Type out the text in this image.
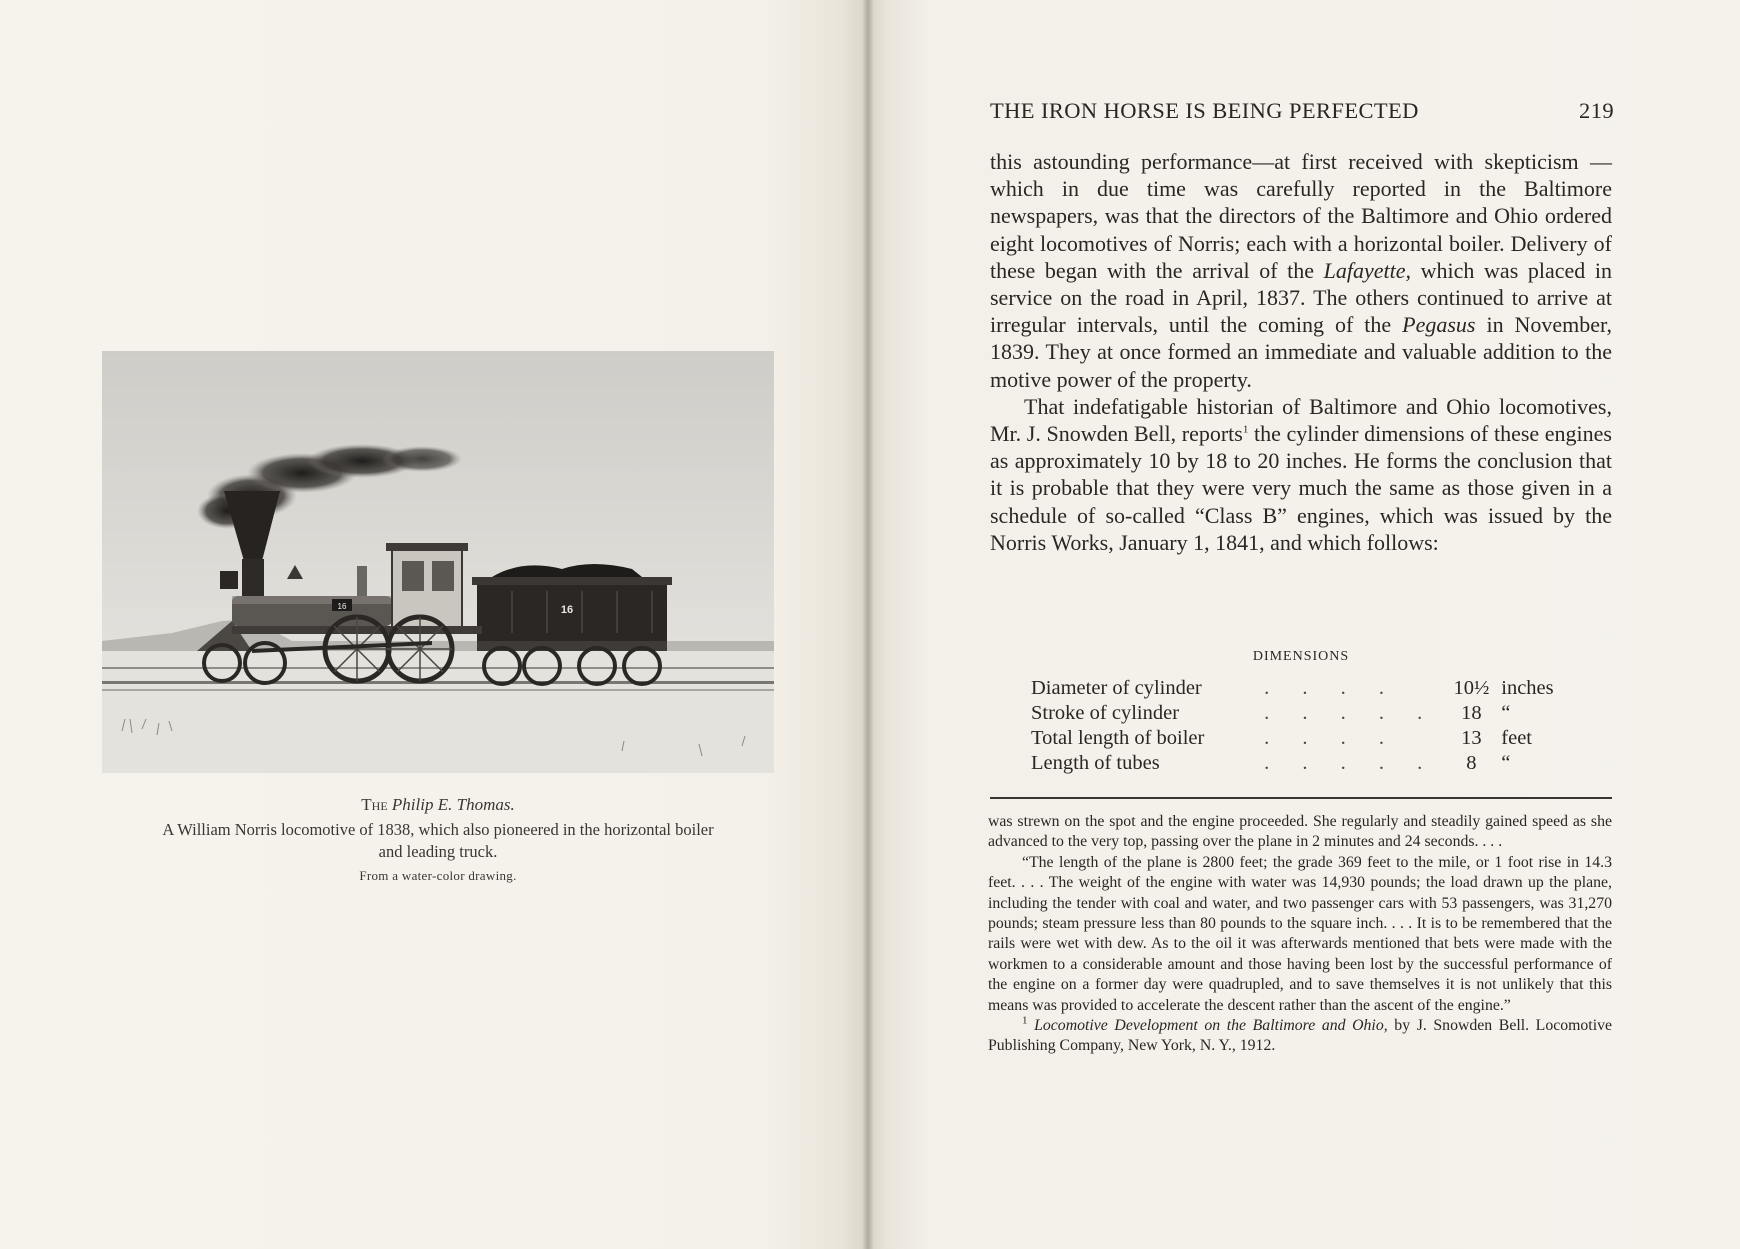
16	16
The Philip E. Thomas.
A William Norris locomotive of 1838, which also pioneered in the horizontal boiler and leading truck.
From a water-color drawing.
THE IRON HORSE IS BEING PERFECTED	219

this astounding performance—at first received with skepticism —which in due time was carefully reported in the Baltimore newspapers, was that the directors of the Baltimore and Ohio ordered eight locomotives of Norris; each with a horizontal boiler. Delivery of these began with the arrival of the Lafayette, which was placed in service on the road in April, 1837. The others continued to arrive at irregular intervals, until the coming of the Pegasus in November, 1839. They at once formed an immediate and valuable addition to the motive power of the property.

That indefatigable historian of Baltimore and Ohio locomotives, Mr. J. Snowden Bell, reports$^1$ the cylinder dimensions of these engines as approximately 10 by 18 to 20 inches. He forms the conclusion that it is probable that they were very much the same as those given in a schedule of so-called “Class B” engines, which was issued by the Norris Works, January 1, 1841, and which follows:

DIMENSIONS
Diameter of cylinder	. . . .	10½ inches
Stroke of cylinder	. . . . .	18 “
Total length of boiler	. . . .	13 feet
Length of tubes	. . . . .	8	“

was strewn on the spot and the engine proceeded. She regularly and steadily gained speed as she advanced to the very top, passing over the plane in 2 minutes and 24 seconds. . . .

“The length of the plane is 2800 feet; the grade 369 feet to the mile, or 1 foot rise in 14.3 feet. . . . The weight of the engine with water was 14,930 pounds; the load drawn up the plane, including the tender with coal and water, and two passenger cars with 53 passengers, was 31,270 pounds; steam pressure less than 80 pounds to the square inch. . . . It is to be remembered that the rails were wet with dew. As to the oil it was afterwards mentioned that bets were made with the workmen to a considerable amount and those having been lost by the successful performance of the engine on a former day were quadrupled, and to save themselves it is not unlikely that this means was provided to accelerate the descent rather than the ascent of the engine.”

$^1$ Locomotive Development on the Baltimore and Ohio, by J. Snowden Bell. Locomotive Publishing Company, New York, N. Y., 1912.
